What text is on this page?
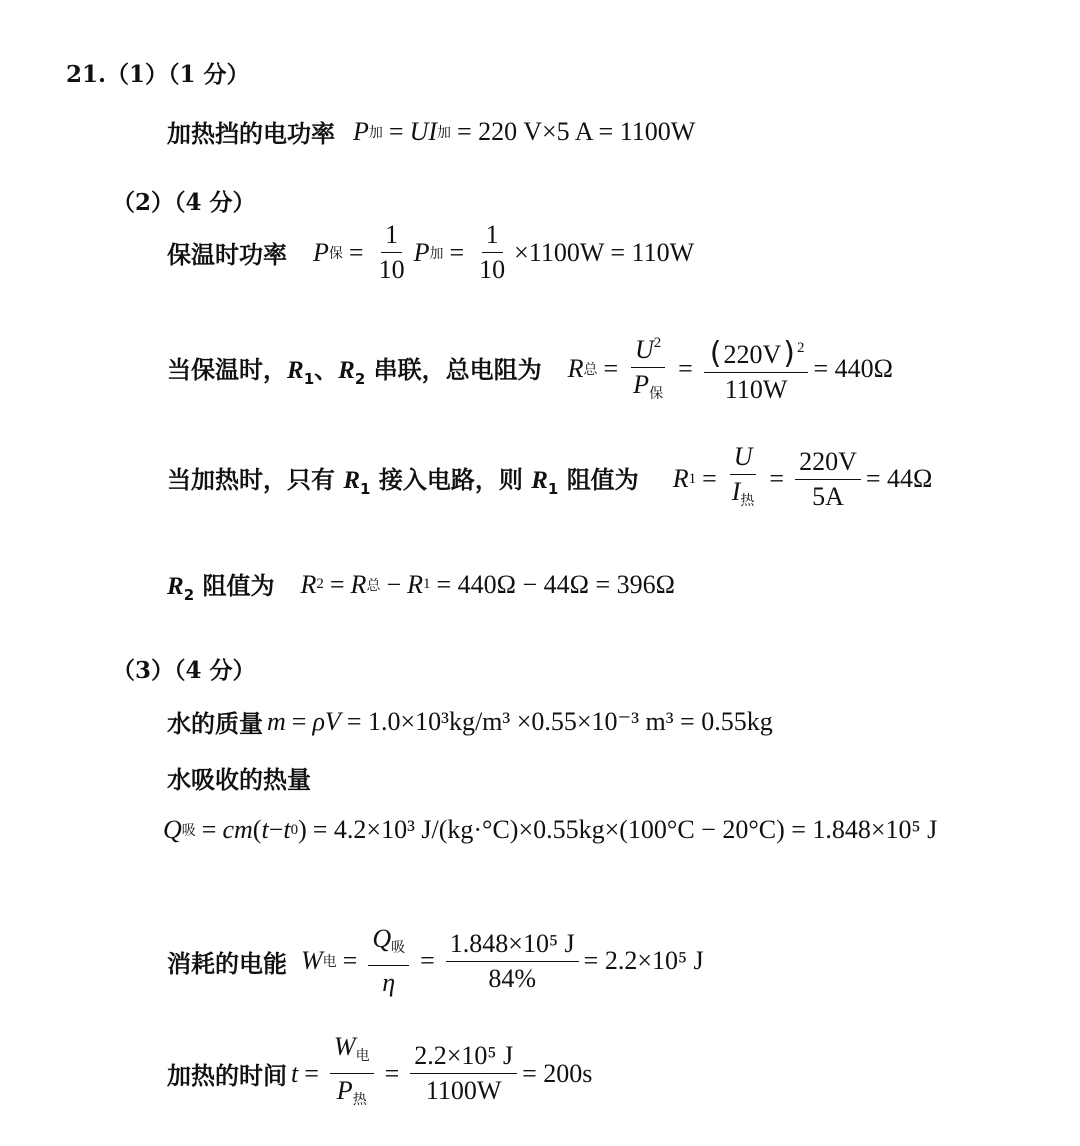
21.（1）（1 分）
加热挡的电功率 P 加 = UI 加 = 220 V×5 A = 1100W
（2）（4 分）
保温时功率 P 保 = $\frac{1}{10}$ P 加 = $\frac{1}{10} \times 1100W = 110W$
当保温时，$R_1$、$R_2$ 串联，总电阻为 R 总 = $\frac{U^2}{P_保} = \frac{(220V) ^2}{110W} = 440\Omega$
当加热时，只有 $R_1$ 接入电路，则 $R_1$ 阻值为 R $1 = \frac{U}{I_热} = \frac{220V}{5A} = 44\Omega$
$R_2$ 阻值为 R 2 = R 总 − R 1 = 440Ω − 44Ω = 396Ω
（3）（4 分）
水的质量 m = ρV = 1.0×10³kg/m³ ×0.55×10⁻³ m³ = 0.55kg
水吸收的热量
Q 吸 = cm ( t − t 0 ) = 4.2×10³ J/(kg·°C)×0.55kg×(100°C − 20°C) = 1.848×10⁵ J
消耗的电能 W 电 = $\frac{Q_吸}{\eta} = \frac{\text{1.848×10⁵ J}}{84\%} = 2.2\times 10^5$ J
加热的时间 $t = \frac{W_电}{P_热} = \frac{\text{2.2×10⁵ J}}{1100W} = 200s$
